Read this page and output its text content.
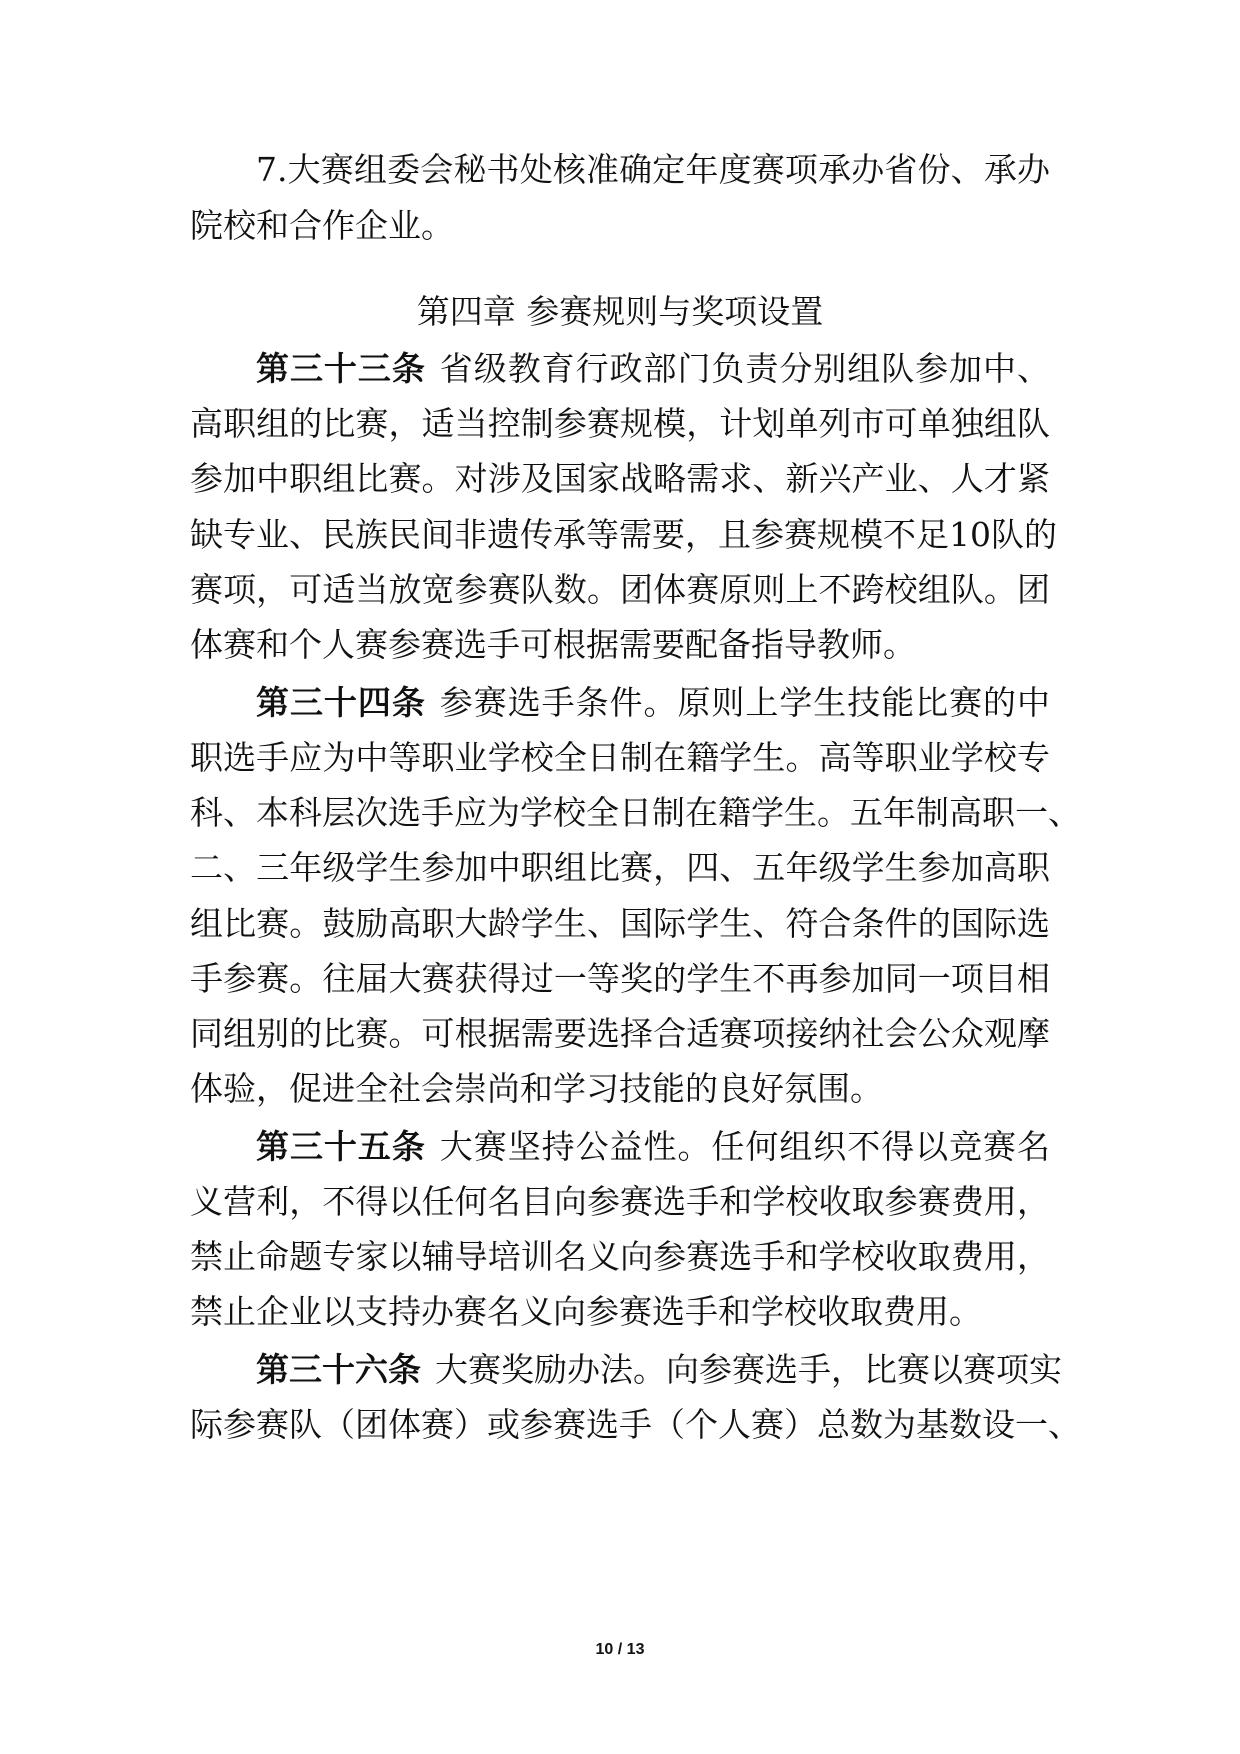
7.大赛组委会秘书处核准确定年度赛项承办省份、承办
院校和合作企业。
第四章 参赛规则与奖项设置
第三十三条 省级教育行政部门负责分别组队参加中、
高职组的比赛，适当控制参赛规模，计划单列市可单独组队
参加中职组比赛。对涉及国家战略需求、新兴产业、人才紧
缺专业、民族民间非遗传承等需要，且参赛规模不足10队的
赛项，可适当放宽参赛队数。团体赛原则上不跨校组队。团
体赛和个人赛参赛选手可根据需要配备指导教师。
第三十四条 参赛选手条件。原则上学生技能比赛的中
职选手应为中等职业学校全日制在籍学生。高等职业学校专
科、本科层次选手应为学校全日制在籍学生。五年制高职一、
二、三年级学生参加中职组比赛，四、五年级学生参加高职
组比赛。鼓励高职大龄学生、国际学生、符合条件的国际选
手参赛。往届大赛获得过一等奖的学生不再参加同一项目相
同组别的比赛。可根据需要选择合适赛项接纳社会公众观摩
体验，促进全社会崇尚和学习技能的良好氛围。
第三十五条 大赛坚持公益性。任何组织不得以竞赛名
义营利，不得以任何名目向参赛选手和学校收取参赛费用，
禁止命题专家以辅导培训名义向参赛选手和学校收取费用，
禁止企业以支持办赛名义向参赛选手和学校收取费用。
第三十六条 大赛奖励办法。向参赛选手，比赛以赛项实
际参赛队（团体赛）或参赛选手（个人赛）总数为基数设一、
10 / 13
